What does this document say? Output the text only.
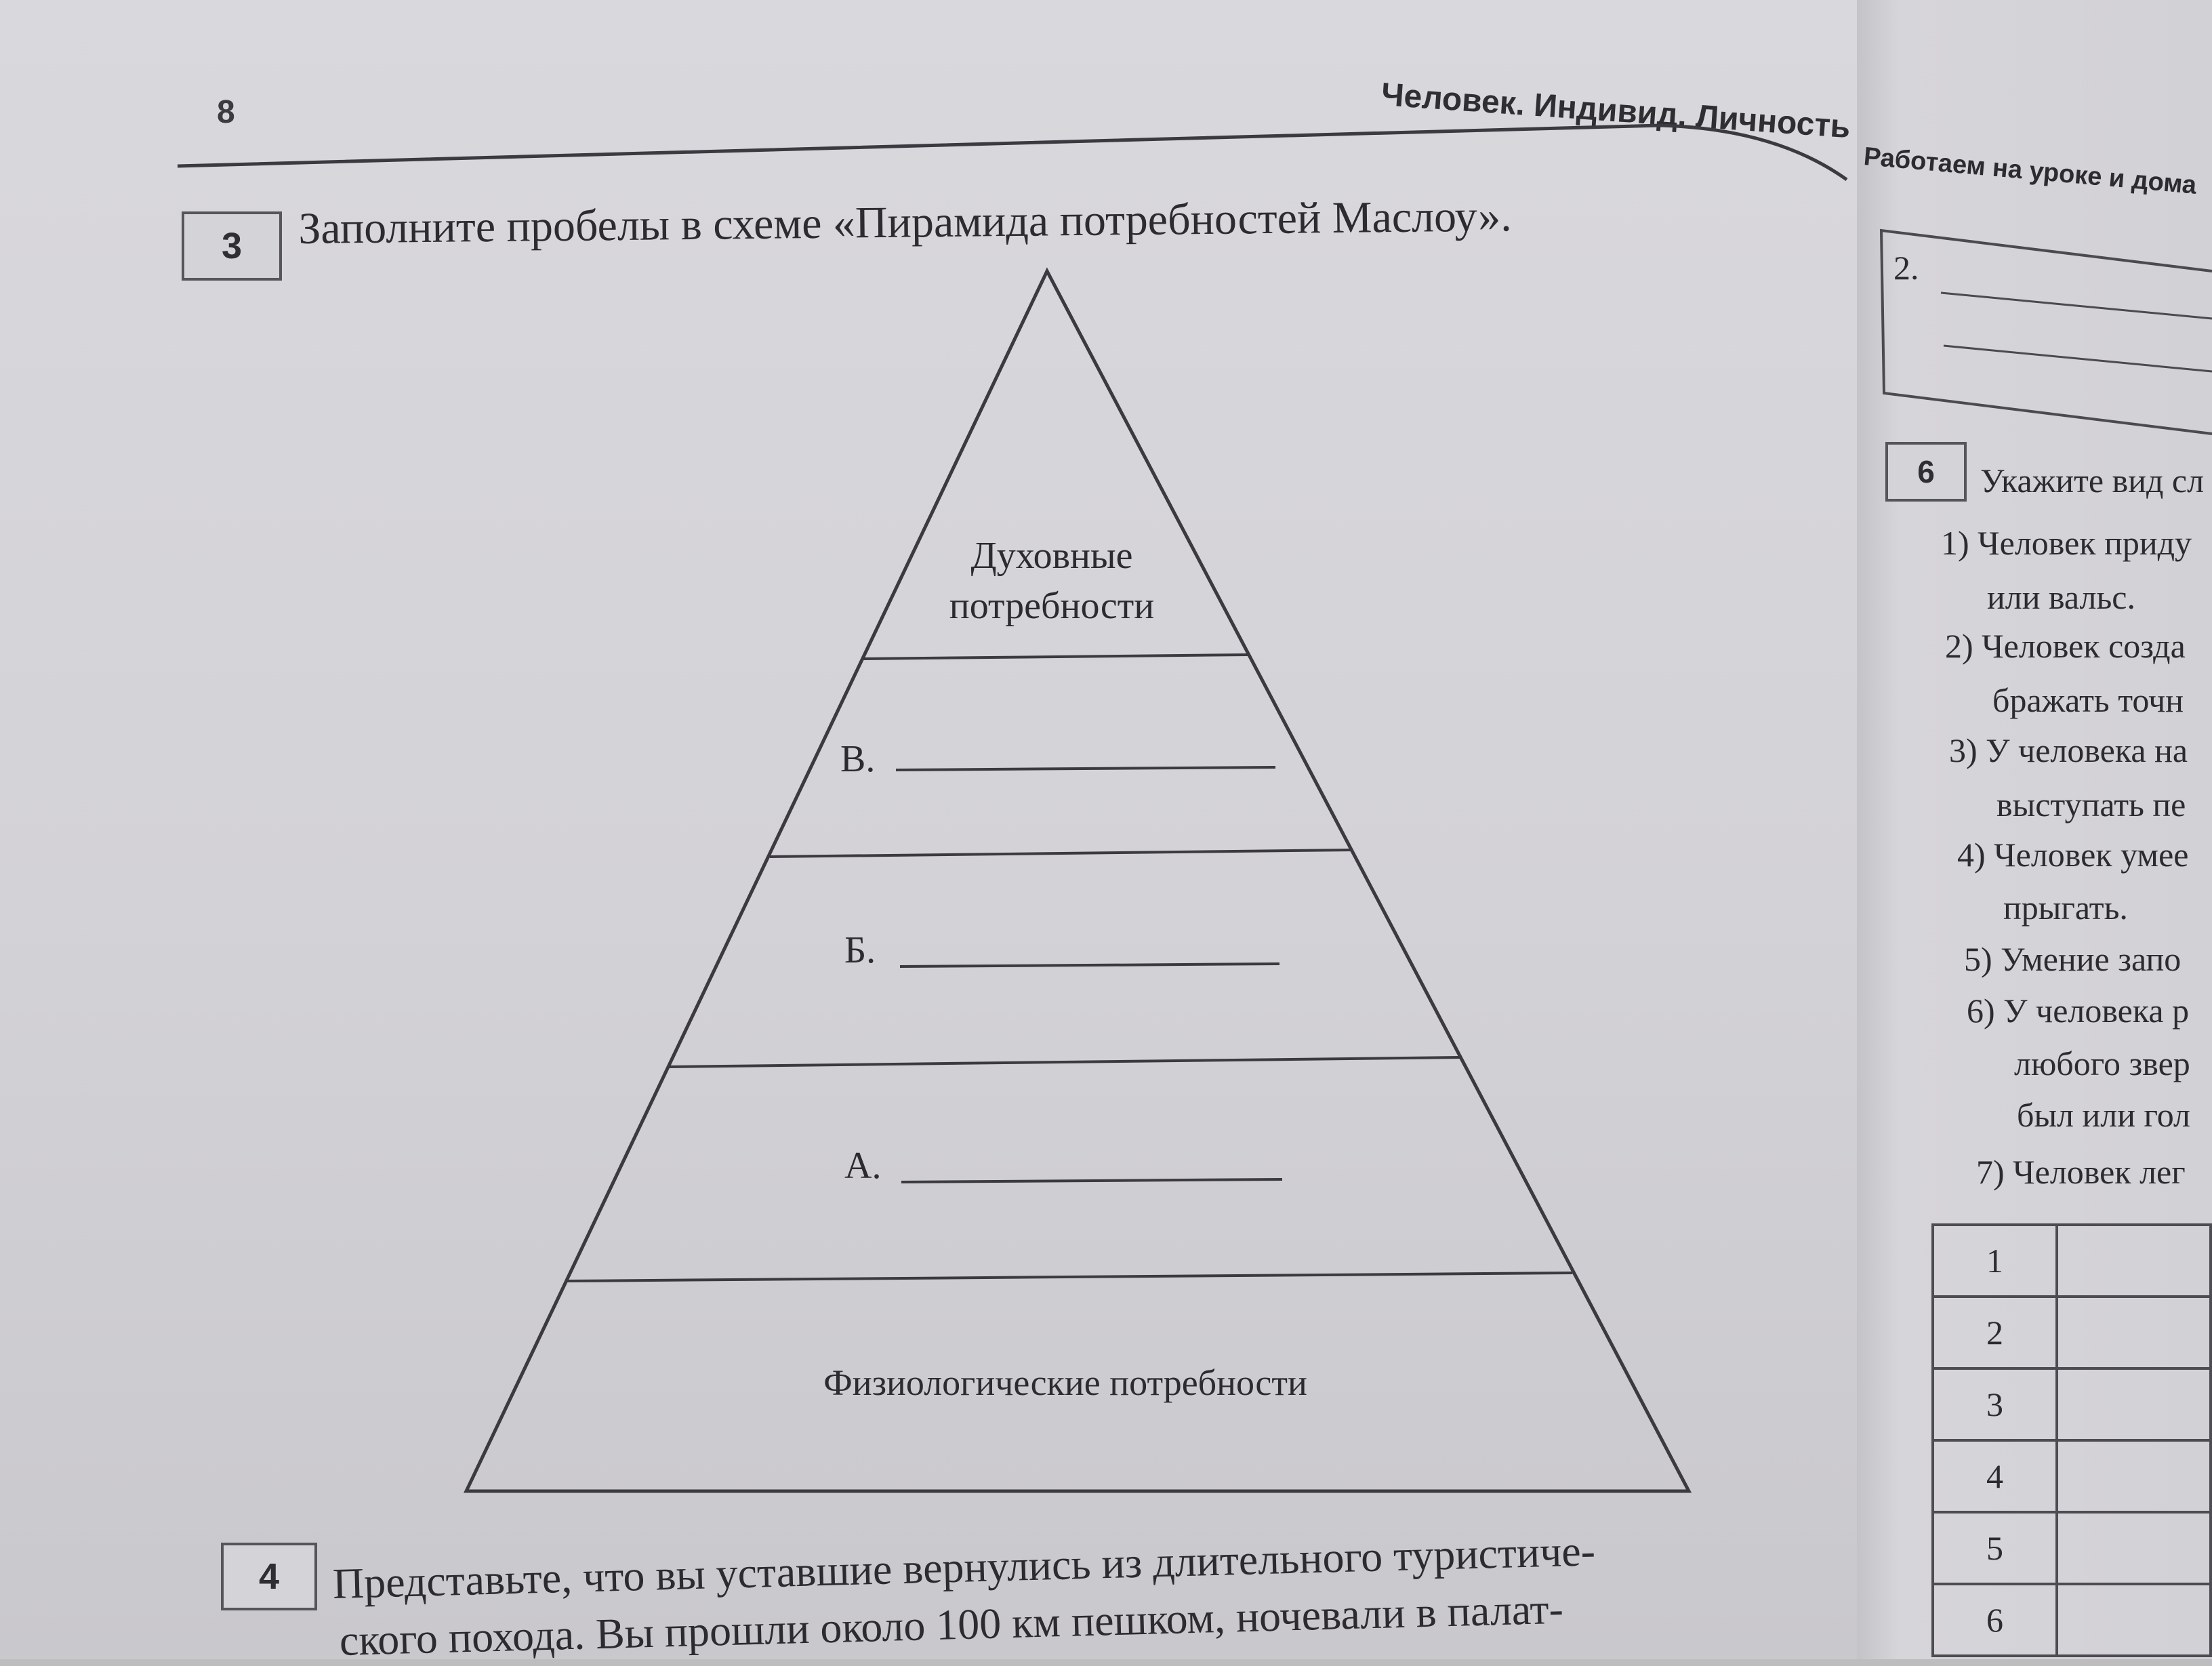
8	Человек. Индивид. Личность
3 Заполните пробелы в схеме «Пирамида потребностей Маслоу».
Духовные
потребности
В.
Б.
А.
Физиологические потребности
4 Представьте, что вы уставшие вернулись из длительного туристиче-
ского похода. Вы прошли около 100 км пешком, ночевали в палат-
Работаем на уроке и дома
2.
6 Укажите вид сл
1) Человек приду
или вальс.
2) Человек созда
бражать точн
3) У человека на
выступать пе
4) Человек умее
прыгать.
5) Умение запо
6) У человека р
любого звер
был или гол
7) Человек лег
1	
2	
3	
4	
5	
6	
